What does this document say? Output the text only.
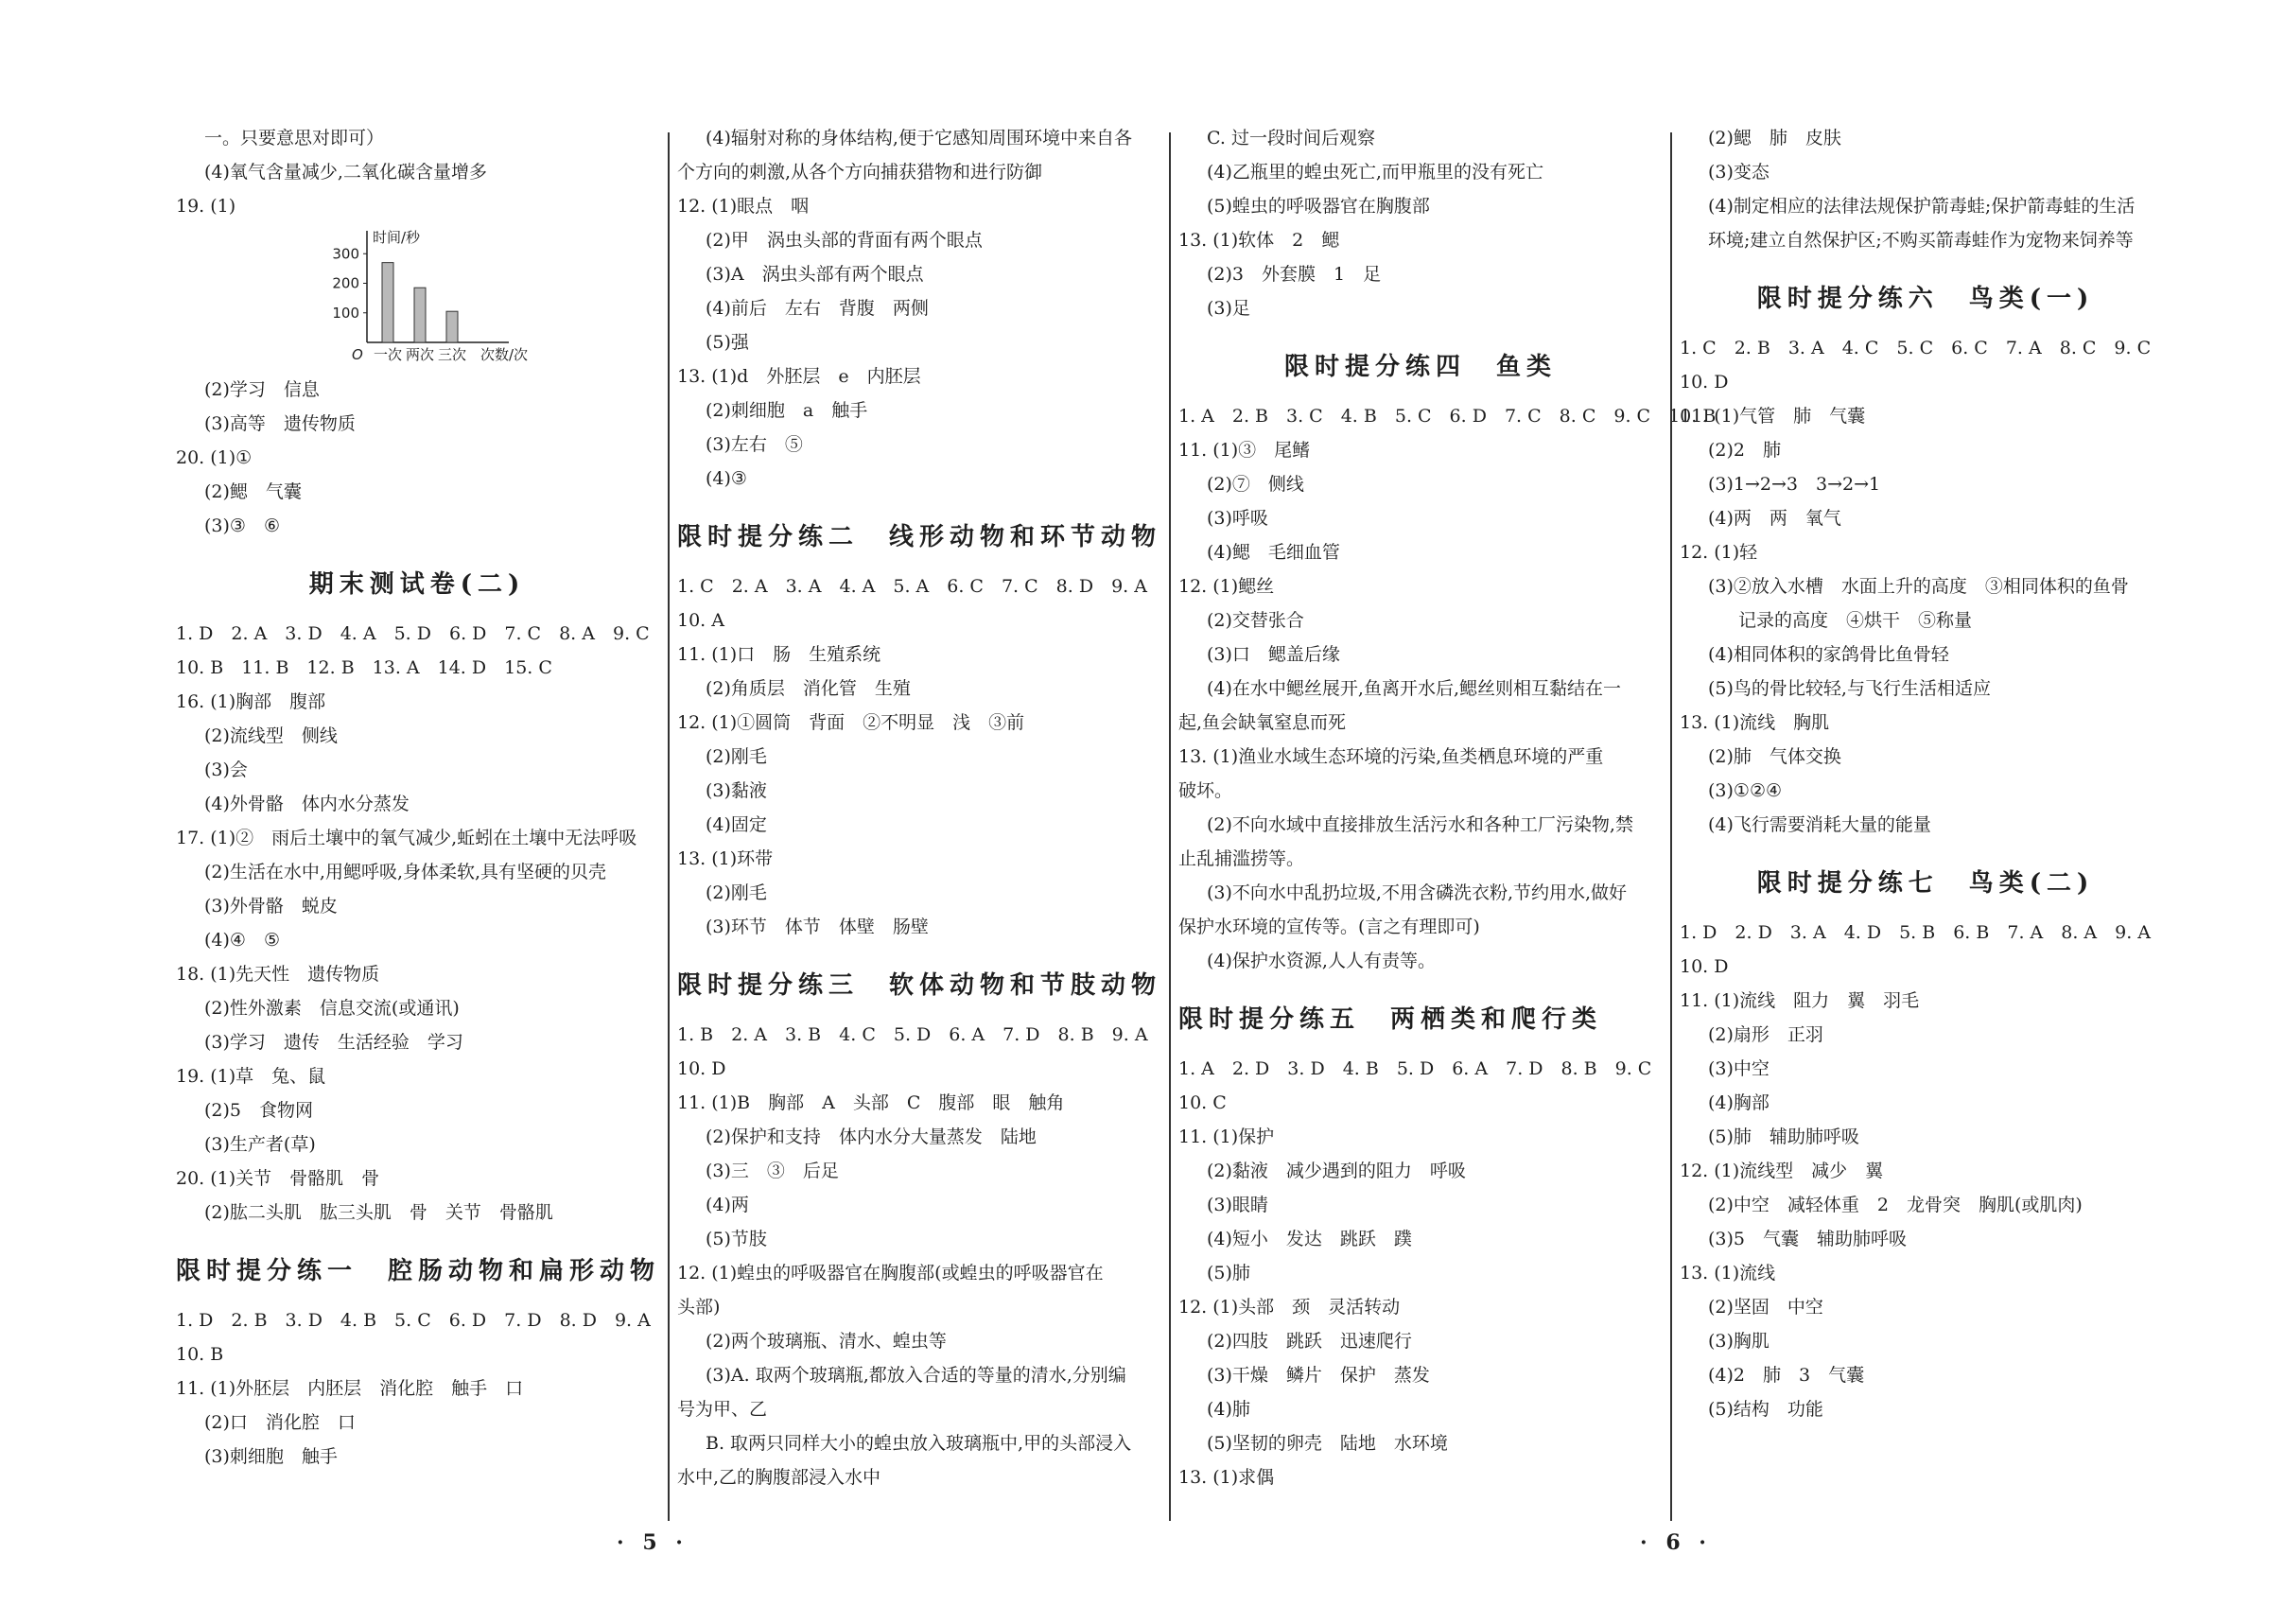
一。只要意思对即可）
(4)氧气含量减少,二氧化碳含量增多
19. (1)
时间/秒
O
100
200
300
一次 两次 三次 次数/次
(2)学习　信息
(3)高等　遗传物质
20. (1)①
(2)鳃　气囊
(3)③　⑥
期末测试卷(二)
1. D　2. A　3. D　4. A　5. D　6. D　7. C　8. A　9. C
10. B　11. B　12. B　13. A　14. D　15. C
16. (1)胸部　腹部
(2)流线型　侧线
(3)会
(4)外骨骼　体内水分蒸发
17. (1)②　雨后土壤中的氧气减少,蚯蚓在土壤中无法呼吸
(2)生活在水中,用鳃呼吸,身体柔软,具有坚硬的贝壳
(3)外骨骼　蜕皮
(4)④　⑤
18. (1)先天性　遗传物质
(2)性外激素　信息交流(或通讯)
(3)学习　遗传　生活经验　学习
19. (1)草　兔、鼠
(2)5　食物网
(3)生产者(草)
20. (1)关节　骨骼肌　骨
(2)肱二头肌　肱三头肌　骨　关节　骨骼肌
限时提分练一　腔肠动物和扁形动物
1. D　2. B　3. D　4. B　5. C　6. D　7. D　8. D　9. A
10. B
11. (1)外胚层　内胚层　消化腔　触手　口
(2)口　消化腔　口
(3)刺细胞　触手
(4)辐射对称的身体结构,便于它感知周围环境中来自各
个方向的刺激,从各个方向捕获猎物和进行防御
12. (1)眼点　咽
(2)甲　涡虫头部的背面有两个眼点
(3)A　涡虫头部有两个眼点
(4)前后　左右　背腹　两侧
(5)强
13. (1)d　外胚层　e　内胚层
(2)刺细胞　a　触手
(3)左右　⑤
(4)③
限时提分练二　线形动物和环节动物
1. C　2. A　3. A　4. A　5. A　6. C　7. C　8. D　9. A
10. A
11. (1)口　肠　生殖系统
(2)角质层　消化管　生殖
12. (1)①圆筒　背面　②不明显　浅　③前
(2)刚毛
(3)黏液
(4)固定
13. (1)环带
(2)刚毛
(3)环节　体节　体壁　肠壁
限时提分练三　软体动物和节肢动物
1. B　2. A　3. B　4. C　5. D　6. A　7. D　8. B　9. A
10. D
11. (1)B　胸部　A　头部　C　腹部　眼　触角
(2)保护和支持　体内水分大量蒸发　陆地
(3)三　③　后足
(4)两
(5)节肢
12. (1)蝗虫的呼吸器官在胸腹部(或蝗虫的呼吸器官在
头部)
(2)两个玻璃瓶、清水、蝗虫等
(3)A. 取两个玻璃瓶,都放入合适的等量的清水,分别编
号为甲、乙
B. 取两只同样大小的蝗虫放入玻璃瓶中,甲的头部浸入
水中,乙的胸腹部浸入水中
C. 过一段时间后观察
(4)乙瓶里的蝗虫死亡,而甲瓶里的没有死亡
(5)蝗虫的呼吸器官在胸腹部
13. (1)软体　2　鳃
(2)3　外套膜　1　足
(3)足
限时提分练四　鱼类
1. A　2. B　3. C　4. B　5. C　6. D　7. C　8. C　9. C　10. B
11. (1)③　尾鳍
(2)⑦　侧线
(3)呼吸
(4)鳃　毛细血管
12. (1)鳃丝
(2)交替张合
(3)口　鳃盖后缘
(4)在水中鳃丝展开,鱼离开水后,鳃丝则相互黏结在一
起,鱼会缺氧窒息而死
13. (1)渔业水域生态环境的污染,鱼类栖息环境的严重
破坏。
(2)不向水域中直接排放生活污水和各种工厂污染物,禁
止乱捕滥捞等。
(3)不向水中乱扔垃圾,不用含磷洗衣粉,节约用水,做好
保护水环境的宣传等。(言之有理即可)
(4)保护水资源,人人有责等。
限时提分练五　两栖类和爬行类
1. A　2. D　3. D　4. B　5. D　6. A　7. D　8. B　9. C
10. C
11. (1)保护
(2)黏液　减少遇到的阻力　呼吸
(3)眼睛
(4)短小　发达　跳跃　蹼
(5)肺
12. (1)头部　颈　灵活转动
(2)四肢　跳跃　迅速爬行
(3)干燥　鳞片　保护　蒸发
(4)肺
(5)坚韧的卵壳　陆地　水环境
13. (1)求偶
(2)鳃　肺　皮肤
(3)变态
(4)制定相应的法律法规保护箭毒蛙;保护箭毒蛙的生活
环境;建立自然保护区;不购买箭毒蛙作为宠物来饲养等
限时提分练六　鸟类(一)
1. C　2. B　3. A　4. C　5. C　6. C　7. A　8. C　9. C
10. D
11. (1)气管　肺　气囊
(2)2　肺
(3)1→2→3　3→2→1
(4)两　两　氧气
12. (1)轻
(3)②放入水槽　水面上升的高度　③相同体积的鱼骨
记录的高度　④烘干　⑤称量
(4)相同体积的家鸽骨比鱼骨轻
(5)鸟的骨比较轻,与飞行生活相适应
13. (1)流线　胸肌
(2)肺　气体交换
(3)①②④
(4)飞行需要消耗大量的能量
限时提分练七　鸟类(二)
1. D　2. D　3. A　4. D　5. B　6. B　7. A　8. A　9. A
10. D
11. (1)流线　阻力　翼　羽毛
(2)扇形　正羽
(3)中空
(4)胸部
(5)肺　辅助肺呼吸
12. (1)流线型　减少　翼
(2)中空　减轻体重　2　龙骨突　胸肌(或肌肉)
(3)5　气囊　辅助肺呼吸
13. (1)流线
(2)坚固　中空
(3)胸肌
(4)2　肺　3　气囊
(5)结构　功能
· 5 ·	· 6 ·
